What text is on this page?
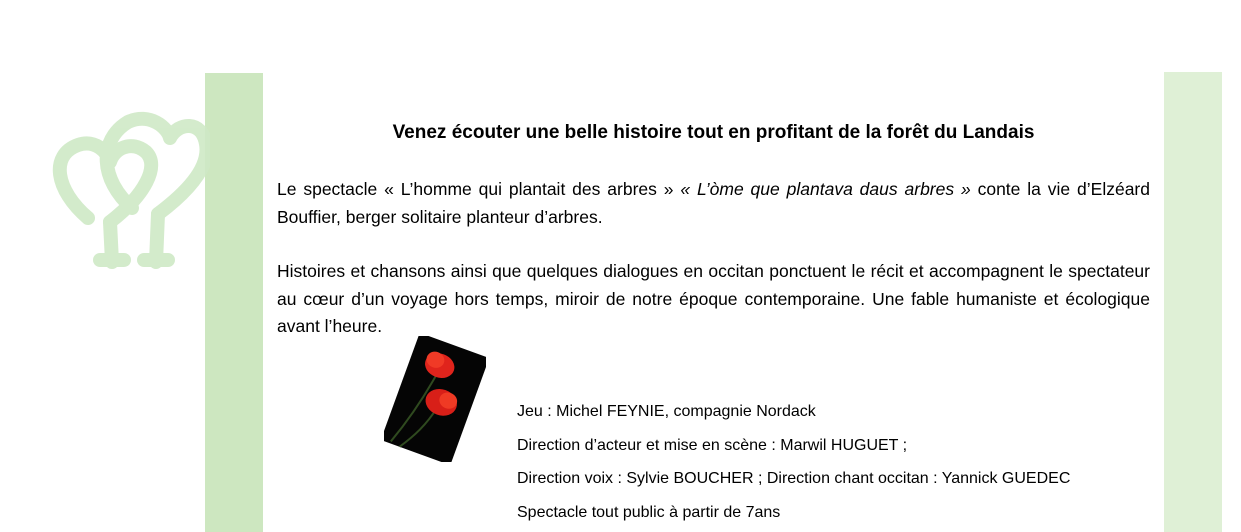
Venez écouter une belle histoire tout en profitant de la forêt du Landais

Le spectacle « L’homme qui plantait des arbres » « L’òme que plantava daus arbres » conte la vie d’Elzéard Bouffier, berger solitaire planteur d’arbres.

Histoires et chansons ainsi que quelques dialogues en occitan ponctuent le récit et accompagnent le spectateur au cœur d’un voyage hors temps, miroir de notre époque contemporaine. Une fable humaniste et écologique avant l’heure.

Jeu : Michel FEYNIE, compagnie Nordack
Direction d’acteur et mise en scène : Marwil HUGUET ;
Direction voix : Sylvie BOUCHER ; Direction chant occitan : Yannick GUEDEC
Spectacle tout public à partir de 7ans
